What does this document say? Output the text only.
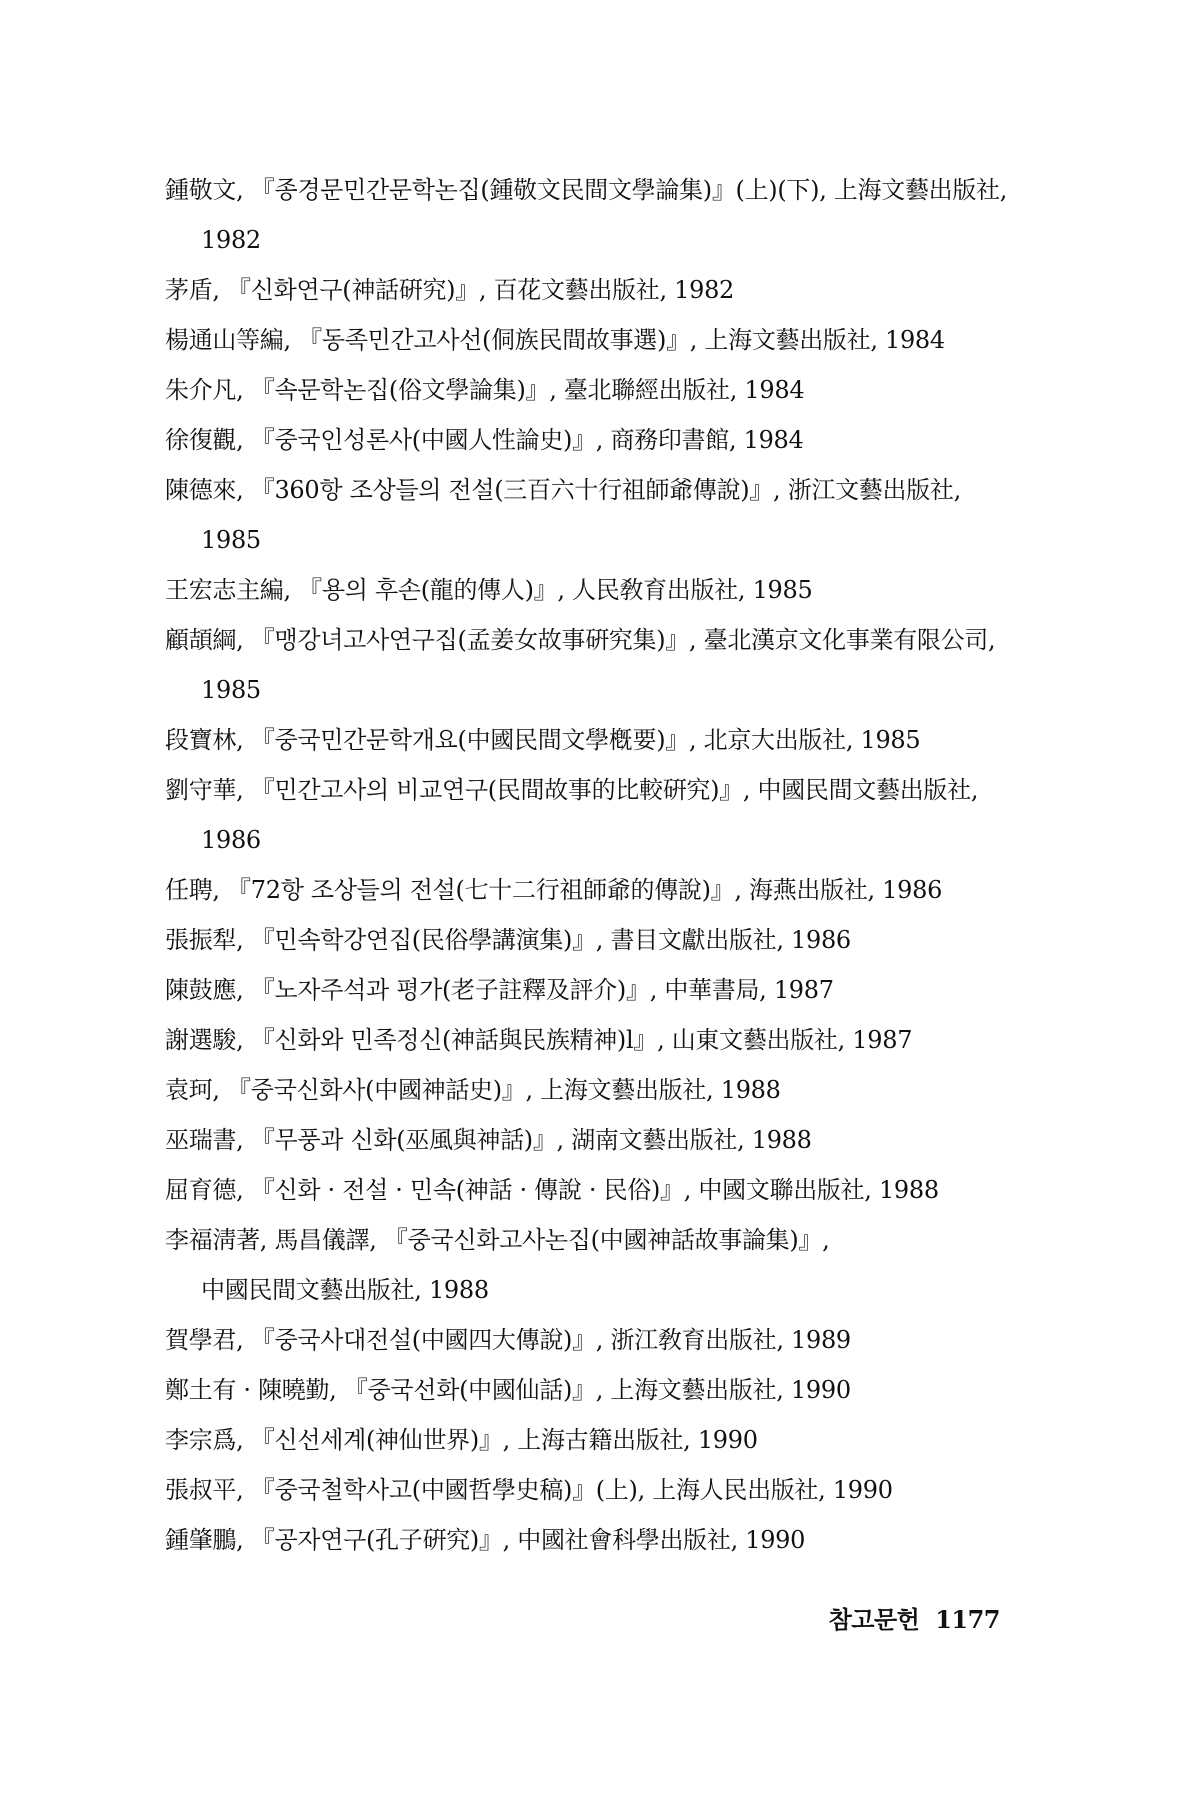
鍾敬文, 『종경문민간문학논집(鍾敬文民間文學論集)』(上)(下), 上海文藝出版社, 1982
茅盾, 『신화연구(神話硏究)』, 百花文藝出版社, 1982
楊通山等編, 『동족민간고사선(侗族民間故事選)』, 上海文藝出版社, 1984
朱介凡, 『속문학논집(俗文學論集)』, 臺北聯經出版社, 1984
徐復觀, 『중국인성론사(中國人性論史)』, 商務印書館, 1984
陳德來, 『360항 조상들의 전설(三百六十行祖師爺傳說)』, 浙江文藝出版社, 1985
王宏志主編, 『용의 후손(龍的傳人)』, 人民敎育出版社, 1985
顧頡綱, 『맹강녀고사연구집(孟姜女故事硏究集)』, 臺北漢京文化事業有限公司, 1985
段寶林, 『중국민간문학개요(中國民間文學槪要)』, 北京大出版社, 1985
劉守華, 『민간고사의 비교연구(民間故事的比較硏究)』, 中國民間文藝出版社, 1986
任聘, 『72항 조상들의 전설(七十二行祖師爺的傳說)』, 海燕出版社, 1986
張振犁, 『민속학강연집(民俗學講演集)』, 書目文獻出版社, 1986
陳鼓應, 『노자주석과 평가(老子註釋及評介)』, 中華書局, 1987
謝選駿, 『신화와 민족정신(神話與民族精神)l』, 山東文藝出版社, 1987
袁珂, 『중국신화사(中國神話史)』, 上海文藝出版社, 1988
巫瑞書, 『무풍과 신화(巫風與神話)』, 湖南文藝出版社, 1988
屈育德, 『신화 · 전설 · 민속(神話 · 傳說 · 民俗)』, 中國文聯出版社, 1988
李福淸著, 馬昌儀譯, 『중국신화고사논집(中國神話故事論集)』, 中國民間文藝出版社, 1988
賀學君, 『중국사대전설(中國四大傳說)』, 浙江敎育出版社, 1989
鄭土有 · 陳曉勤, 『중국선화(中國仙話)』, 上海文藝出版社, 1990
李宗爲, 『신선세계(神仙世界)』, 上海古籍出版社, 1990
張叔平, 『중국철학사고(中國哲學史稿)』(上), 上海人民出版社, 1990
鍾肇鵬, 『공자연구(孔子硏究)』, 中國社會科學出版社, 1990
참고문헌 1177
